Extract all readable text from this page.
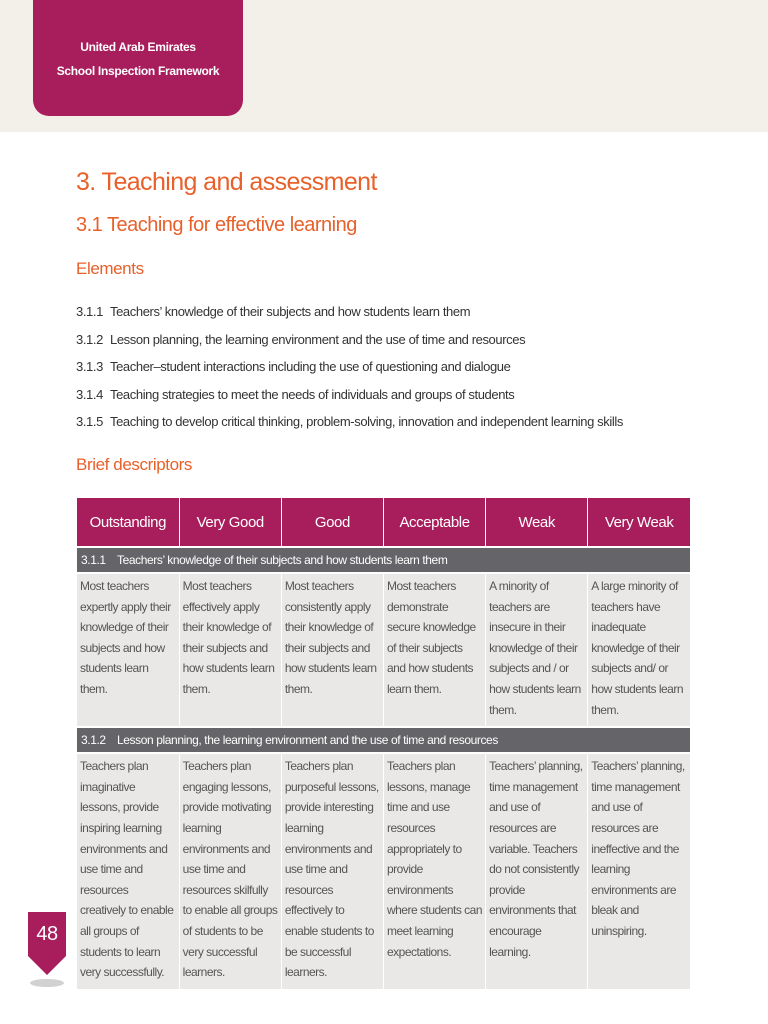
United Arab Emirates
School Inspection Framework
3. Teaching and assessment
3.1 Teaching for effective learning
Elements
3.1.1 Teachers’ knowledge of their subjects and how students learn them
3.1.2 Lesson planning, the learning environment and the use of time and resources
3.1.3 Teacher–student interactions including the use of questioning and dialogue
3.1.4 Teaching strategies to meet the needs of individuals and groups of students
3.1.5 Teaching to develop critical thinking, problem-solving, innovation and independent learning skills
Brief descriptors
Outstanding	Very Good	Good	Acceptable	Weak	Very Weak
3.1.1 Teachers’ knowledge of their subjects and how students learn them					
Most teachers expertly apply their knowledge of their subjects and how students learn them.	Most teachers effectively apply their knowledge of their subjects and how students learn them.	Most teachers consistently apply their knowledge of their subjects and how students learn them.	Most teachers demonstrate secure knowledge of their subjects and how students learn them.	A minority of teachers are insecure in their knowledge of their subjects and / or how students learn them.	A large minority of teachers have inadequate knowledge of their subjects and/ or how students learn them.
3.1.2 Lesson planning, the learning environment and the use of time and resources					
Teachers plan imaginative lessons, provide inspiring learning environments and use time and resources creatively to enable all groups of students to learn very successfully.	Teachers plan engaging lessons, provide motivating learning environments and use time and resources skilfully to enable all groups of students to be very successful learners.	Teachers plan purposeful lessons, provide interesting learning environments and use time and resources effectively to enable students to be successful learners.	Teachers plan lessons, manage time and use resources appropriately to provide environments where students can meet learning expectations.	Teachers’ planning, time management and use of resources are variable. Teachers do not consistently provide environments that encourage learning.	Teachers’ planning, time management and use of resources are ineffective and the learning environments are bleak and uninspiring.
48
